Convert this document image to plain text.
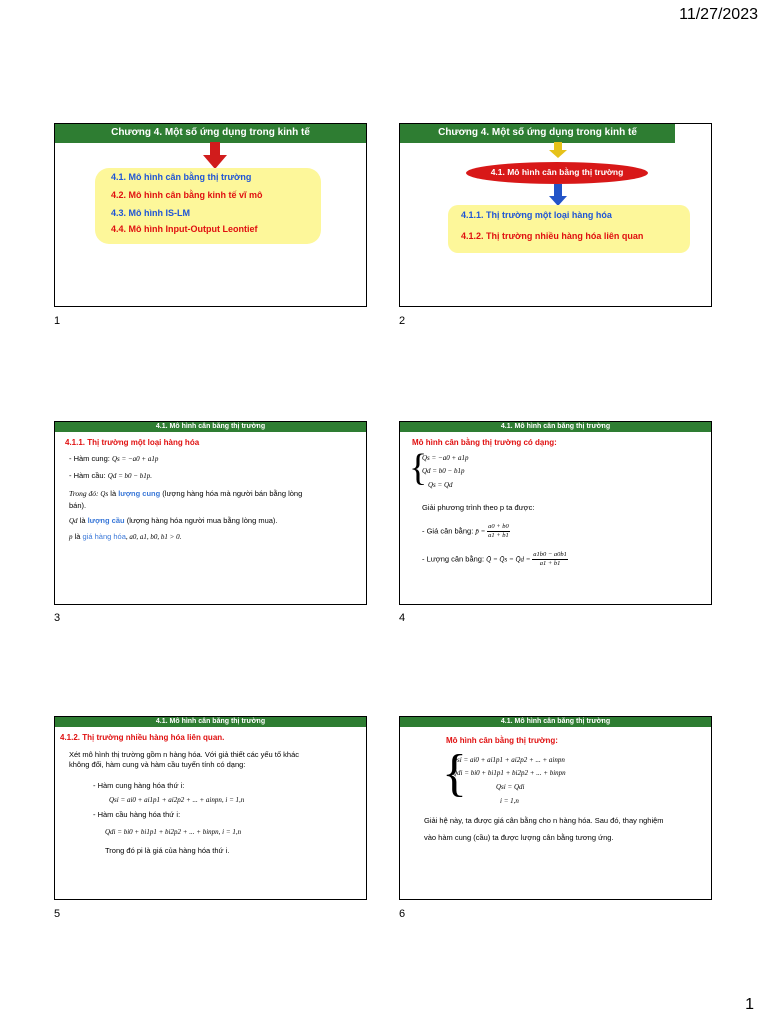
11/27/2023
Chương 4. Một số ứng dụng trong kinh tế
4.1. Mô hình cân bằng thị trường
4.2. Mô hình cân bằng kinh tế vĩ mô
4.3. Mô hình IS-LM
4.4. Mô hình Input-Output Leontief
1
Chương 4. Một số ứng dụng trong kinh tế
4.1. Mô hình cân bằng thị trường
4.1.1. Thị trường một loại hàng hóa
4.1.2. Thị trường nhiều hàng hóa liên quan
2
4.1. Mô hình cân bằng thị trường
4.1.1. Thị trường một loại hàng hóa
- Hàm cung: Qs = −a0 + a1p
- Hàm cầu: Qd = b0 − b1p.
Trong đó: Qs là lượng cung (lượng hàng hóa mà người bán bằng lòng
bán).
Qd là lượng cầu (lượng hàng hóa người mua bằng lòng mua).
p là giá hàng hóa, a0, a1, b0, b1 > 0.
3
4.1. Mô hình cân bằng thị trường
Mô hình cân bằng thị trường có dạng:
{
Qs = −a0 + a1p
Qd = b0 − b1p
Qs = Qd
Giải phương trình theo p ta được:
- Giá cân bằng: p̄ = $\frac{a0 + b0}{a1 + b1}$
- Lượng cân bằng: Q̄ = Q̄s = Q̄d = $\frac{a1b0 - a0b1}{a1 + b1}$
4
4.1. Mô hình cân bằng thị trường
4.1.2. Thị trường nhiều hàng hóa liên quan.
Xét mô hình thị trường gồm n hàng hóa. Với giả thiết các yếu tố khác
không đổi, hàm cung và hàm cầu tuyến tính có dạng:
- Hàm cung hàng hóa thứ i:
Qsi = ai0 + ai1p1 + ai2p2 + ... + ainpn, i = 1,n
- Hàm cầu hàng hóa thứ i:
Qdi = bi0 + bi1p1 + bi2p2 + ... + binpn, i = 1,n
Trong đó pi là giá của hàng hóa thứ i.
5
4.1. Mô hình cân bằng thị trường
Mô hình cân bằng thị trường:
{
Qsi = ai0 + ai1p1 + ai2p2 + ... + ainpn
Qdi = bi0 + bi1p1 + bi2p2 + ... + binpn
Qsi = Qdi
i = 1,n
Giải hệ này, ta được giá cân bằng cho n hàng hóa. Sau đó, thay nghiệm
vào hàm cung (cầu) ta được lượng cân bằng tương ứng.
6
1
